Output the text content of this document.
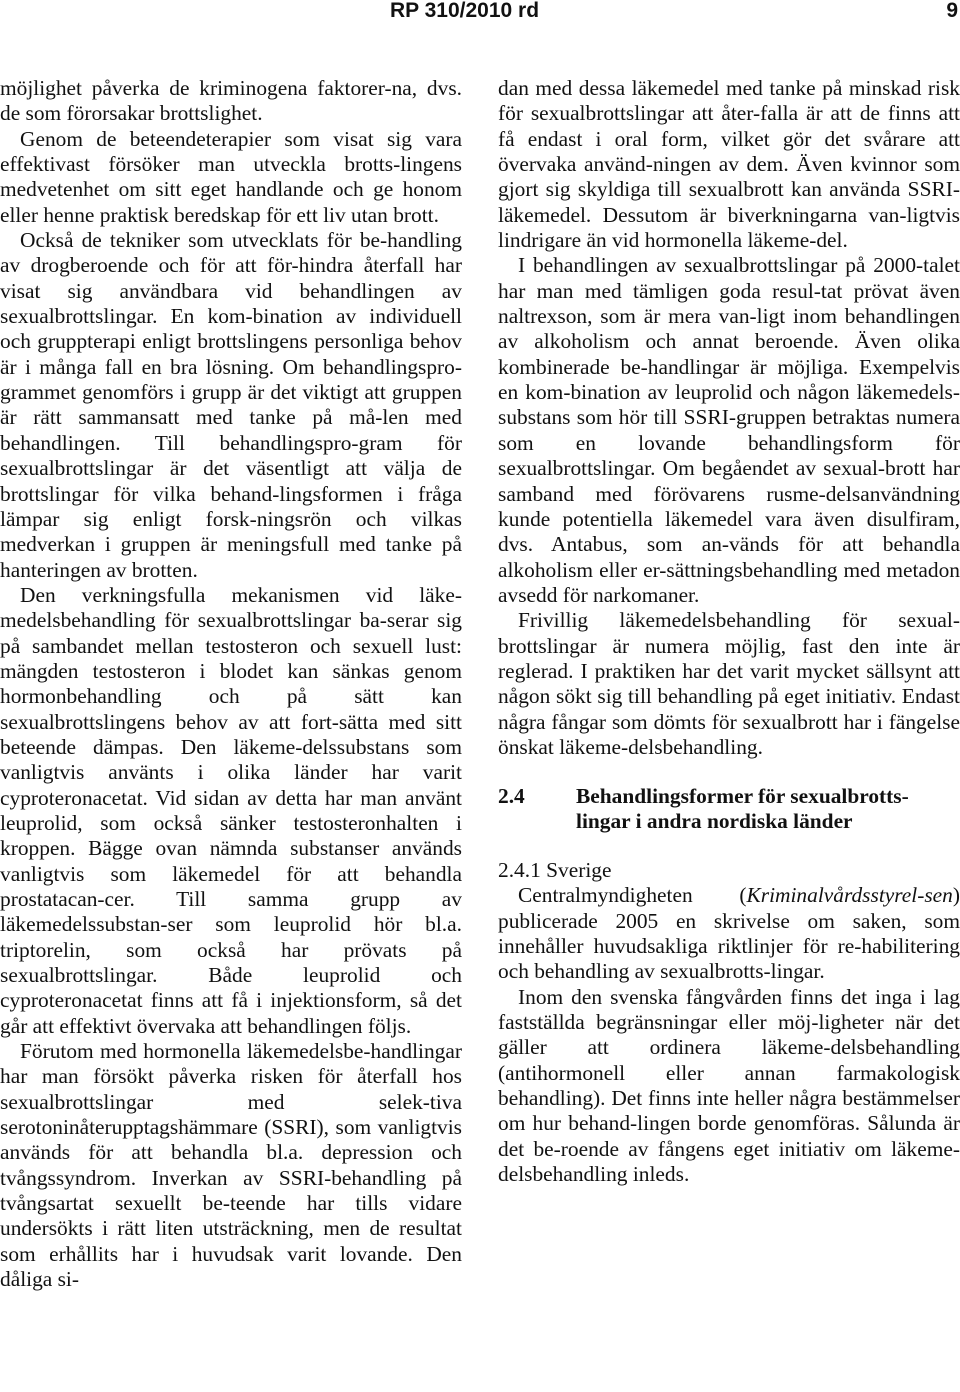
RP 310/2010 rd	9

möjlighet påverka de kriminogena faktorer-na, dvs. de som förorsakar brottslighet.

Genom de beteendeterapier som visat sig vara effektivast försöker man utveckla brotts-lingens medvetenhet om sitt eget handlande och ge honom eller henne praktisk beredskap för ett liv utan brott.

Också de tekniker som utvecklats för be-handling av drogberoende och för att för-hindra återfall har visat sig användbara vid behandlingen av sexualbrottslingar. En kom-bination av individuell och gruppterapi enligt brottslingens personliga behov är i många fall en bra lösning. Om behandlingspro-grammet genomförs i grupp är det viktigt att gruppen är rätt sammansatt med tanke på må-len med behandlingen. Till behandlingspro-gram för sexualbrottslingar är det väsentligt att välja de brottslingar för vilka behand-lingsformen i fråga lämpar sig enligt forsk-ningsrön och vilkas medverkan i gruppen är meningsfull med tanke på hanteringen av brotten.

Den verkningsfulla mekanismen vid läke-medelsbehandling för sexualbrottslingar ba-serar sig på sambandet mellan testosteron och sexuell lust: mängden testosteron i blodet kan sänkas genom hormonbehandling och på sätt kan sexualbrottslingens behov av att fort-sätta med sitt beteende dämpas. Den läkeme-delssubstans som vanligtvis använts i olika länder har varit cyproteronacetat. Vid sidan av detta har man använt leuprolid, som också sänker testosteronhalten i kroppen. Bägge ovan nämnda substanser används vanligtvis som läkemedel för att behandla prostatacan-cer. Till samma grupp av läkemedelssubstan-ser som leuprolid hör bl.a. triptorelin, som också har prövats på sexualbrottslingar. Både leuprolid och cyproteronacetat finns att få i injektionsform, så det går att effektivt övervaka att behandlingen följs.

Förutom med hormonella läkemedelsbe-handlingar har man försökt påverka risken för återfall hos sexualbrottslingar med selek-tiva serotoninåterupptagshämmare (SSRI), som vanligtvis används för att behandla bl.a. depression och tvångssyndrom. Inverkan av SSRI-behandling på tvångsartat sexuellt be-teende har tills vidare undersökts i rätt liten utsträckning, men de resultat som erhållits har i huvudsak varit lovande. Den dåliga si-

dan med dessa läkemedel med tanke på minskad risk för sexualbrottslingar att åter-falla är att de finns att få endast i oral form, vilket gör det svårare att övervaka använd-ningen av dem. Även kvinnor som gjort sig skyldiga till sexualbrott kan använda SSRI-läkemedel. Dessutom är biverkningarna van-ligtvis lindrigare än vid hormonella läkeme-del.

I behandlingen av sexualbrottslingar på 2000-talet har man med tämligen goda resul-tat prövat även naltrexson, som är mera van-ligt inom behandlingen av alkoholism och annat beroende. Även olika kombinerade be-handlingar är möjliga. Exempelvis en kom-bination av leuprolid och någon läkemedels-substans som hör till SSRI-gruppen betraktas numera som en lovande behandlingsform för sexualbrottslingar. Om begåendet av sexual-brott har samband med förövarens rusme-delsanvändning kunde potentiella läkemedel vara även disulfiram, dvs. Antabus, som an-vänds för att behandla alkoholism eller er-sättningsbehandling med metadon avsedd för narkomaner.

Frivillig läkemedelsbehandling för sexual-brottslingar är numera möjlig, fast den inte är reglerad. I praktiken har det varit mycket sällsynt att någon sökt sig till behandling på eget initiativ. Endast några fångar som dömts för sexualbrott har i fängelse önskat läkeme-delsbehandling.

2.4	Behandlingsformer för sexualbrotts-lingar i andra nordiska länder

2.4.1 Sverige

Centralmyndigheten (Kriminalvårdsstyrel-sen) publicerade 2005 en skrivelse om saken, som innehåller huvudsakliga riktlinjer för re-habilitering och behandling av sexualbrotts-lingar.

Inom den svenska fångvården finns det inga i lag fastställda begränsningar eller möj-ligheter när det gäller att ordinera läkeme-delsbehandling (antihormonell eller annan farmakologisk behandling). Det finns inte heller några bestämmelser om hur behand-lingen borde genomföras. Sålunda är det be-roende av fångens eget initiativ om läkeme-delsbehandling inleds.
